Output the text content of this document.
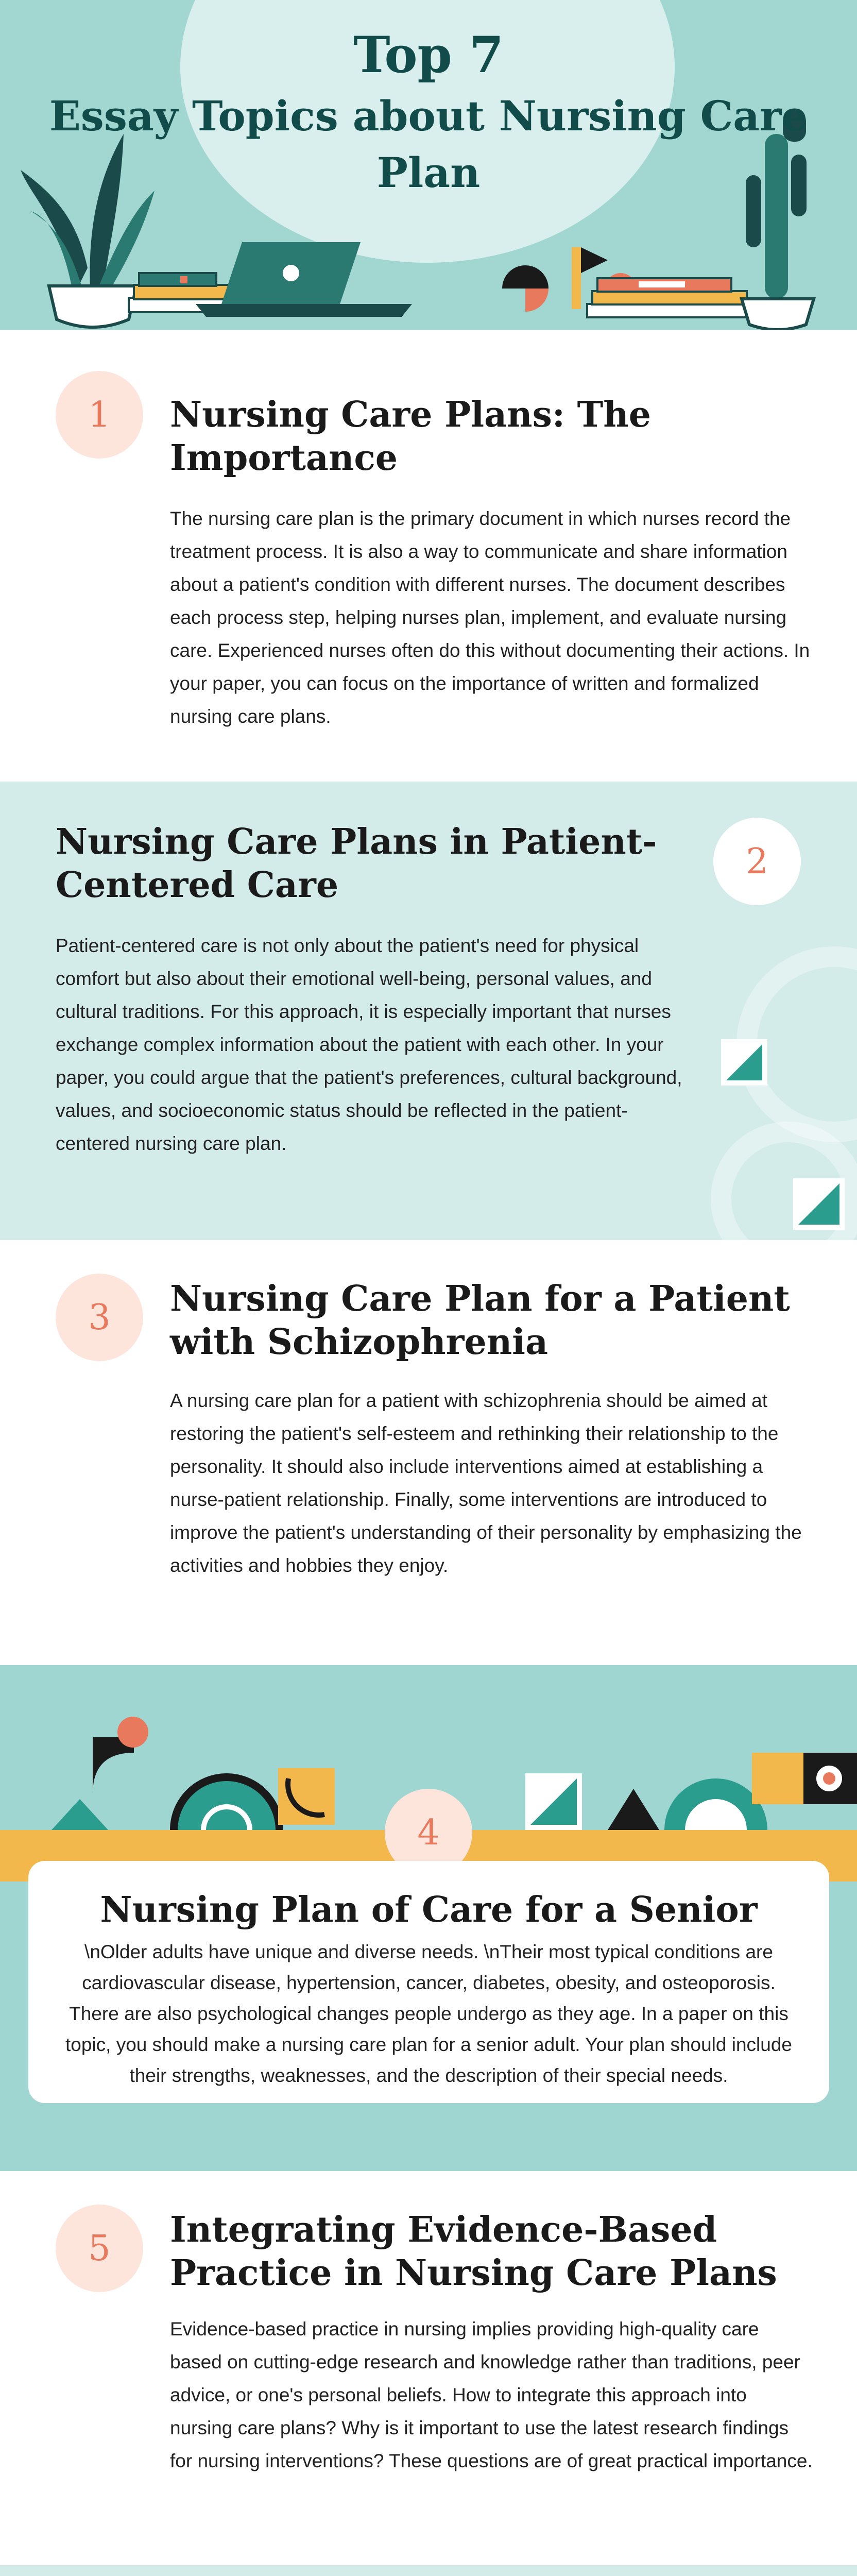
Top 7
Essay Topics about Nursing Care
Plan
1	Nursing Care Plans: The
Importance

The nursing care plan is the primary document in which nurses record the treatment process. It is also a way to communicate and share information about a patient's condition with different nurses. The document describes each process step, helping nurses plan, implement, and evaluate nursing care. Experienced nurses often do this without documenting their actions. In your paper, you can focus on the importance of written and formalized nursing care plans.

2
Nursing Care Plans in Patient-
Centered Care

Patient-centered care is not only about the patient's need for physical comfort but also about their emotional well-being, personal values, and cultural traditions. For this approach, it is especially important that nurses exchange complex information about the patient with each other. In your paper, you could argue that the patient's preferences, cultural background, values, and socioeconomic status should be reflected in the patient-centered nursing care plan.

3	Nursing Care Plan for a Patient
with Schizophrenia

A nursing care plan for a patient with schizophrenia should be aimed at restoring the patient's self-esteem and rethinking their relationship to the personality. It should also include interventions aimed at establishing a nurse-patient relationship. Finally, some interventions are introduced to improve the patient's understanding of their personality by emphasizing the activities and hobbies they enjoy.

4
Nursing Plan of Care for a Senior

\nOlder adults have unique and diverse needs. \nTheir most typical conditions are cardiovascular disease, hypertension, cancer, diabetes, obesity, and osteoporosis. There are also psychological changes people undergo as they age. In a paper on this topic, you should make a nursing care plan for a senior adult. Your plan should include their strengths, weaknesses, and the description of their special needs.

5	Integrating Evidence-Based
Practice in Nursing Care Plans

Evidence-based practice in nursing implies providing high-quality care based on cutting-edge research and knowledge rather than traditions, peer advice, or one's personal beliefs. How to integrate this approach into nursing care plans? Why is it important to use the latest research findings for nursing interventions? These questions are of great practical importance.
